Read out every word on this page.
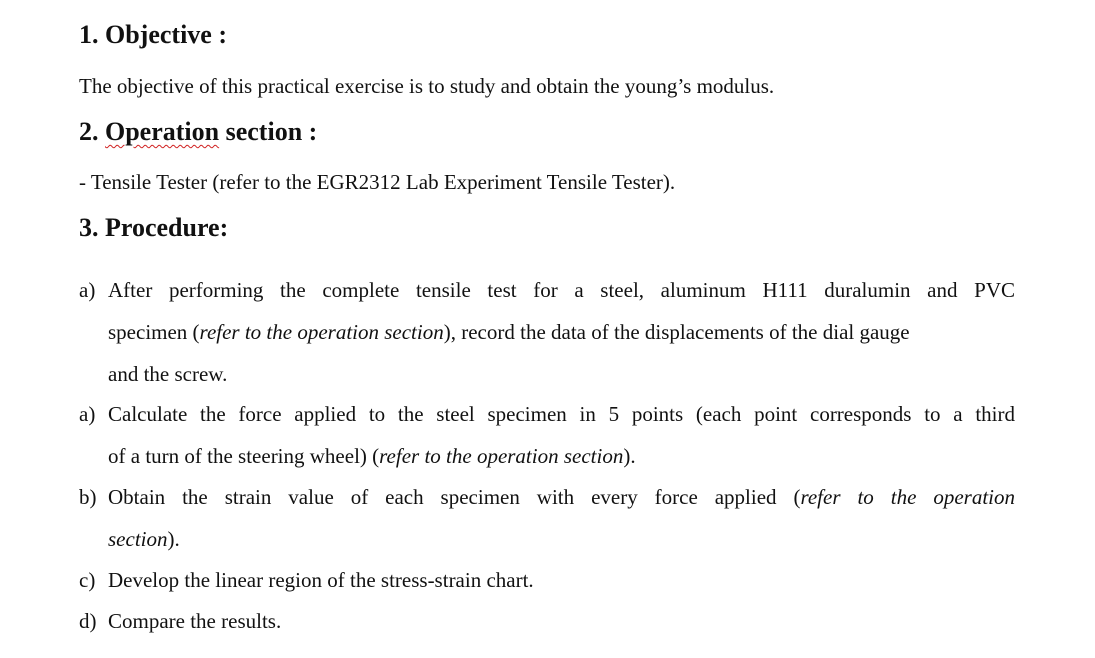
1. Objective :
The objective of this practical exercise is to study and obtain the young’s modulus.
2. Operation section :
- Tensile Tester (refer to the EGR2312 Lab Experiment Tensile Tester).
3. Procedure:
a) After performing the complete tensile test for a steel, aluminum H111 duralumin and PVC
specimen (refer to the operation section), record the data of the displacements of the dial gauge
and the screw.
a) Calculate the force applied to the steel specimen in 5 points (each point corresponds to a third
of a turn of the steering wheel) (refer to the operation section).
b) Obtain the strain value of each specimen with every force applied (refer to the operation
section).
c) Develop the linear region of the stress-strain chart.
d) Compare the results.
